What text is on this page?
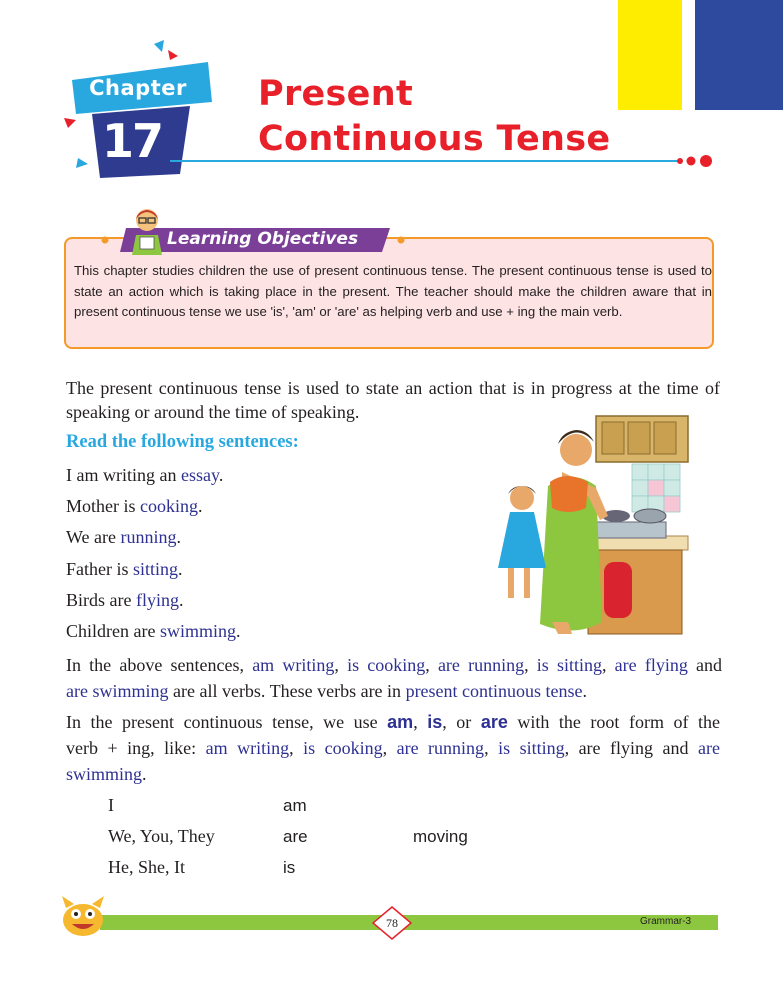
Chapter
17
Present
Continuous Tense
Learning Objectives
This chapter studies children the use of present continuous tense. The present continuous tense is used to state an action which is taking place in the present. The teacher should make the children aware that in present continuous tense we use 'is', 'am' or 'are' as helping verb and use + ing the main verb.
The present continuous tense is used to state an action that is in progress at the time of speaking or around the time of speaking.
Read the following sentences:
I am writing an essay.
Mother is cooking.
We are running.
Father is sitting.
Birds are flying.
Children are swimming.
In the above sentences, am writing, is cooking, are running, is sitting, are flying and
are swimming are all verbs. These verbs are in present continuous tense.
In the present continuous tense, we use am, is, or are with the root form of the
verb + ing, like: am writing, is cooking, are running, is sitting, are flying and are
swimming.
I	am
We, You, They	are	moving
He, She, It	is
78	Grammar-3
